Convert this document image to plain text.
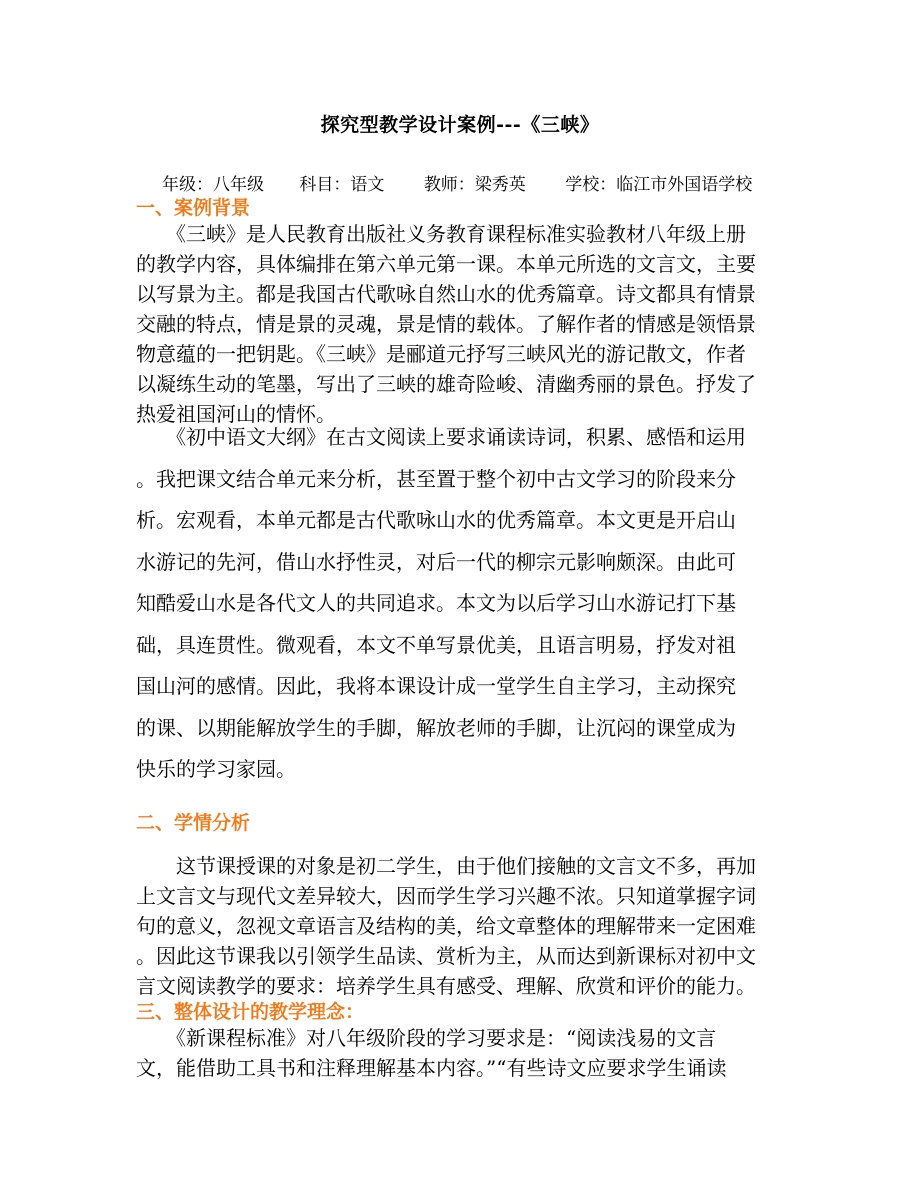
探究型教学设计案例---《三峡》
年级：八年级 科目：语文 教师：梁秀英 学校：临江市外国语学校
一、案例背景
　　《三峡》是人民教育出版社义务教育课程标准实验教材八年级上册
的教学内容，具体编排在第六单元第一课。本单元所选的文言文，主要
以写景为主。都是我国古代歌咏自然山水的优秀篇章。诗文都具有情景
交融的特点，情是景的灵魂，景是情的载体。了解作者的情感是领悟景
物意蕴的一把钥匙。《三峡》是郦道元抒写三峡风光的游记散文，作者
以凝练生动的笔墨，写出了三峡的雄奇险峻、清幽秀丽的景色。抒发了
热爱祖国河山的情怀。
　　《初中语文大纲》在古文阅读上要求诵读诗词，积累、感悟和运用
。我把课文结合单元来分析，甚至置于整个初中古文学习的阶段来分
析。宏观看，本单元都是古代歌咏山水的优秀篇章。本文更是开启山
水游记的先河，借山水抒性灵，对后一代的柳宗元影响颇深。由此可
知酷爱山水是各代文人的共同追求。本文为以后学习山水游记打下基
础，具连贯性。微观看，本文不单写景优美，且语言明易，抒发对祖
国山河的感情。因此，我将本课设计成一堂学生自主学习，主动探究
的课、以期能解放学生的手脚，解放老师的手脚，让沉闷的课堂成为
快乐的学习家园。
二、学情分析
　　这节课授课的对象是初二学生，由于他们接触的文言文不多，再加
上文言文与现代文差异较大，因而学生学习兴趣不浓。只知道掌握字词
句的意义，忽视文章语言及结构的美，给文章整体的理解带来一定困难
。因此这节课我以引领学生品读、赏析为主，从而达到新课标对初中文
言文阅读教学的要求：培养学生具有感受、理解、欣赏和评价的能力。
三、整体设计的教学理念：
　　《新课程标准》对八年级阶段的学习要求是：“阅读浅易的文言
文，能借助工具书和注释理解基本内容。”“有些诗文应要求学生诵读
